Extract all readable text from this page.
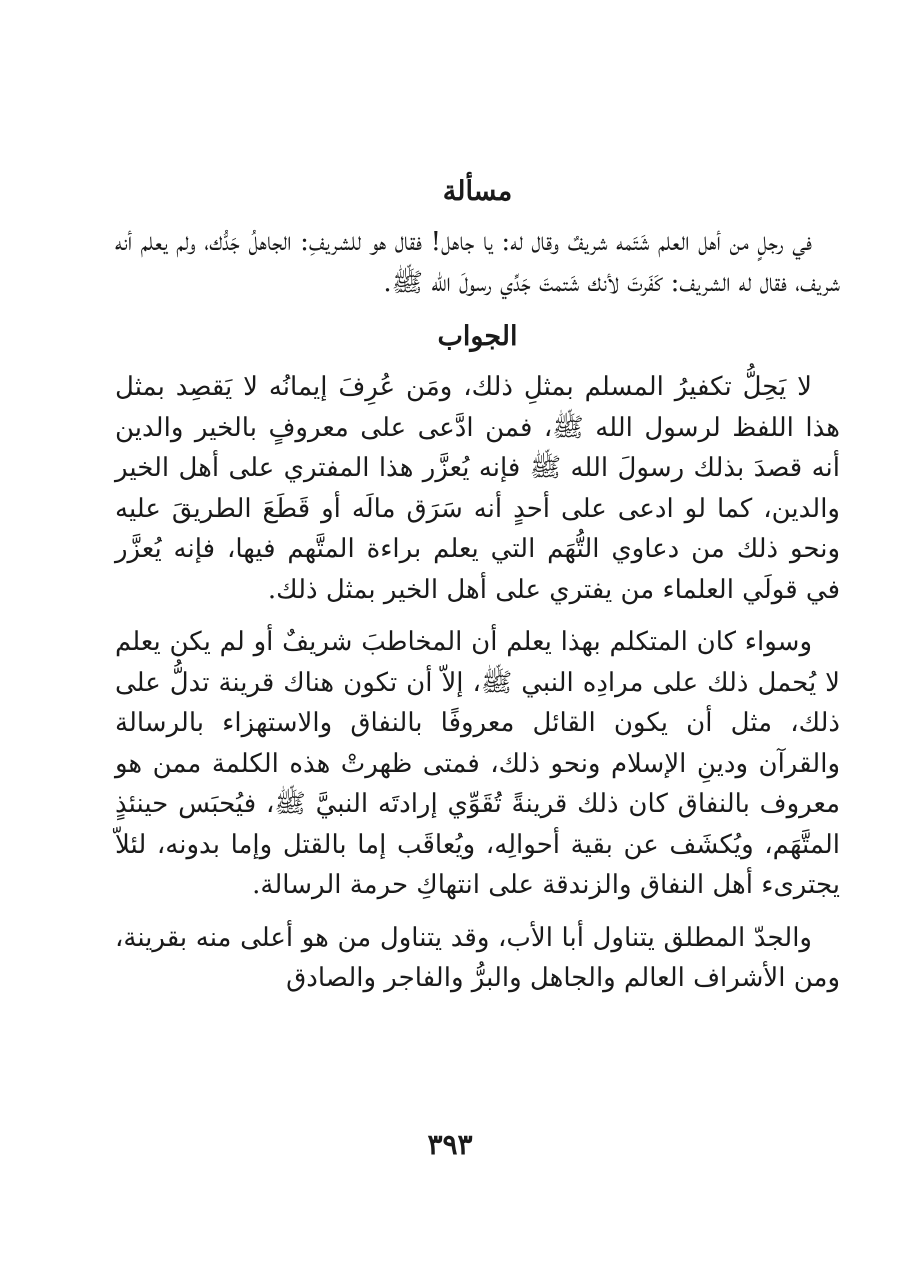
مسألة

في رجلٍ من أهل العلم شَتَمه شريفٌ وقال له: يا جاهل! فقال هو للشريفِ: الجاهلُ جَدُّك، ولم يعلم أنه شريف، فقال له الشريف: كَفَرتَ لأنك شَتمتَ جَدِّي رسولَ الله ﷺ.

الجواب

لا يَحِلُّ تكفيرُ المسلم بمثلِ ذلك، ومَن عُرِفَ إيمانُه لا يَقصِد بمثل هذا اللفظ لرسول الله ﷺ، فمن ادَّعى على معروفٍ بالخير والدين أنه قصدَ بذلك رسولَ الله ﷺ فإنه يُعزَّر هذا المفتري على أهل الخير والدين، كما لو ادعى على أحدٍ أنه سَرَق مالَه أو قَطَعَ الطريقَ عليه ونحو ذلك من دعاوي التُّهَم التي يعلم براءة المتَّهم فيها، فإنه يُعزَّر في قولَي العلماء من يفتري على أهل الخير بمثل ذلك.

وسواء كان المتكلم بهذا يعلم أن المخاطبَ شريفٌ أو لم يكن يعلم لا يُحمل ذلك على مرادِه النبي ﷺ، إلاّ أن تكون هناك قرينة تدلُّ على ذلك، مثل أن يكون القائل معروفًا بالنفاق والاستهزاء بالرسالة والقرآن ودينِ الإسلام ونحو ذلك، فمتى ظهرتْ هذه الكلمة ممن هو معروف بالنفاق كان ذلك قرينةً تُقَوِّي إرادتَه النبيَّ ﷺ، فيُحبَس حينئذٍ المتَّهَم، ويُكشَف عن بقية أحوالِه، ويُعاقَب إما بالقتل وإما بدونه، لئلاّ يجترىء أهل النفاق والزندقة على انتهاكِ حرمة الرسالة.

والجدّ المطلق يتناول أبا الأب، وقد يتناول من هو أعلى منه بقرينة، ومن الأشراف العالم والجاهل والبرُّ والفاجر والصادق

٣٩٣
